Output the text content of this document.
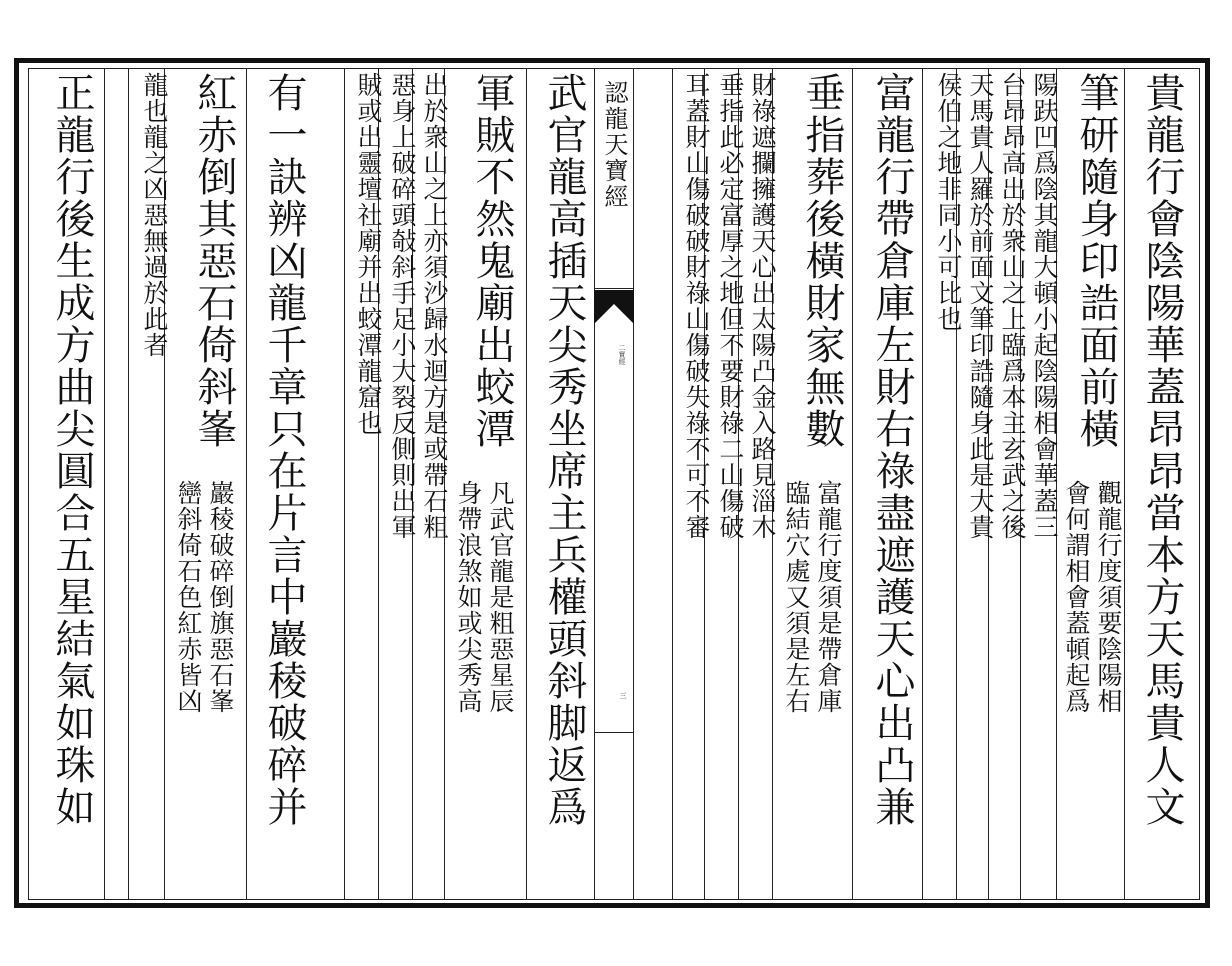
認龍天寶經
二實經
三	貴龍行會陰陽華蓋昂昂當本方天馬貴人文
筆研隨身印誥面前橫
觀龍行度須要陰陽相
會何謂相會蓋頓起爲
陽趺凹爲陰其龍大頓小起陰陽相會華蓋三
台昂昂高出於衆山之上臨爲本主玄武之後
天馬貴人羅於前面文筆印誥隨身此是大貴
侯伯之地非同小可比也
富龍行帶倉庫左財右祿盡遮護天心出凸兼
垂指葬後橫財家無數
富龍行度須是帶倉庫
臨結穴處又須是左右
財祿遮攔擁護天心出太陽凸金入路見淄木
垂指此必定富厚之地但不要財祿二山傷破
耳蓋財山傷破破財祿山傷破失祿不可不審
武官龍高插天尖秀坐席主兵權頭斜脚返爲
軍賊不然鬼廟出蛟潭
凡武官龍是粗惡星辰
身帶浪煞如或尖秀高
出於衆山之上亦須沙歸水迴方是或帶石粗
惡身上破碎頭敧斜手足小大裂反側則出軍
賊或出靈壇社廟并出蛟潭龍窟也
有一訣辨凶龍千章只在片言中巖稜破碎并
紅赤倒其惡石倚斜峯
巖稜破碎倒旗惡石峯
巒斜倚石色紅赤皆凶
龍也龍之凶惡無過於此者
正龍行後生成方曲尖圓合五星結氣如珠如
